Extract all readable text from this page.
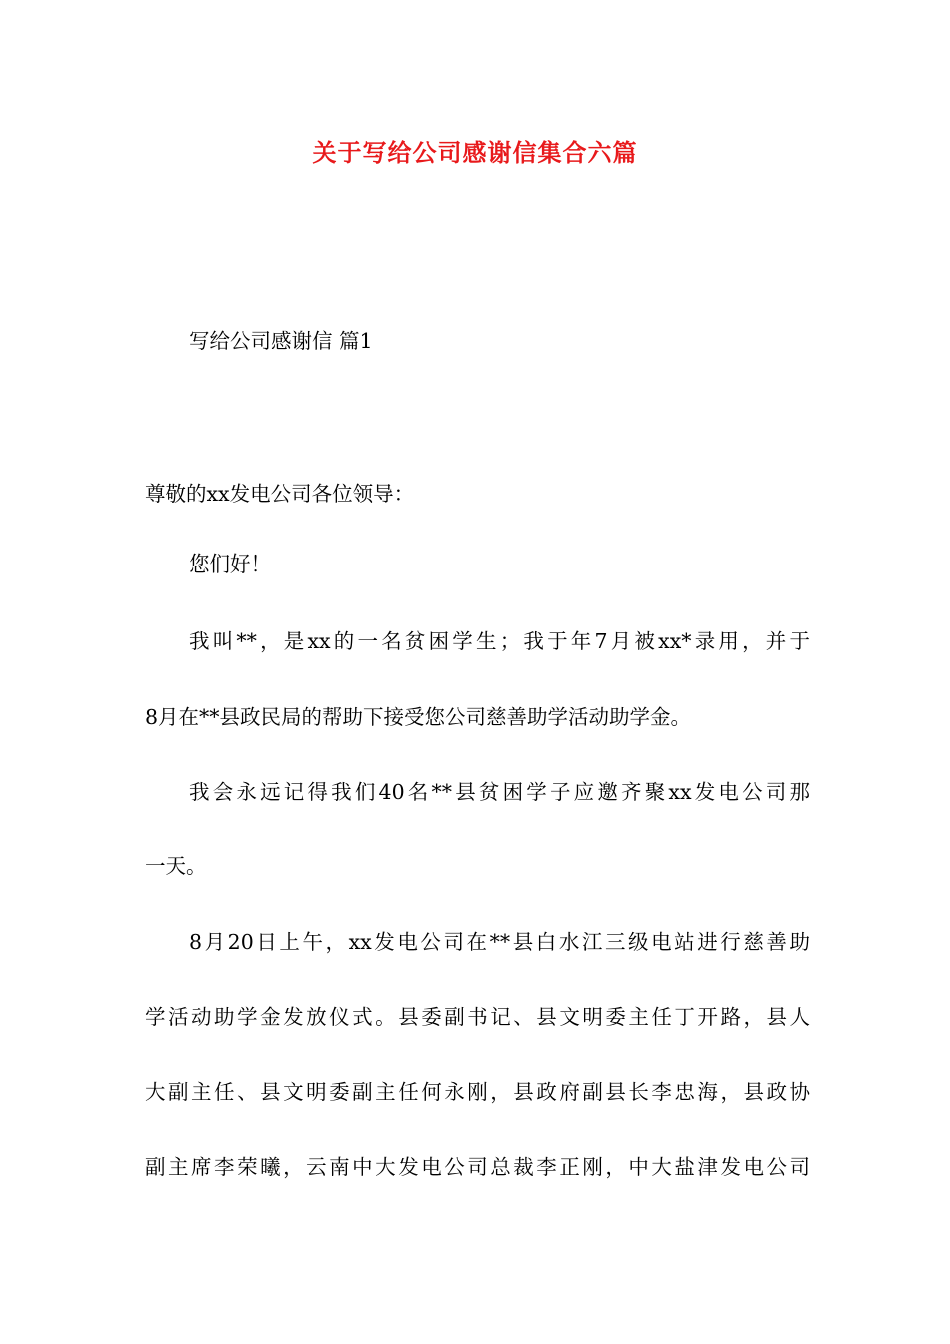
关于写给公司感谢信集合六篇
写给公司感谢信 篇1
尊敬的xx发电公司各位领导：
您们好！
我叫**，是xx的一名贫困学生；我于年7月被xx*录用，并于
8月在**县政民局的帮助下接受您公司慈善助学活动助学金。
我会永远记得我们40名**县贫困学子应邀齐聚xx发电公司那
一天。
8月20日上午，xx发电公司在**县白水江三级电站进行慈善助
学活动助学金发放仪式。县委副书记、县文明委主任丁开路，县人
大副主任、县文明委副主任何永刚，县政府副县长李忠海，县政协
副主席李荣曦，云南中大发电公司总裁李正刚，中大盐津发电公司
